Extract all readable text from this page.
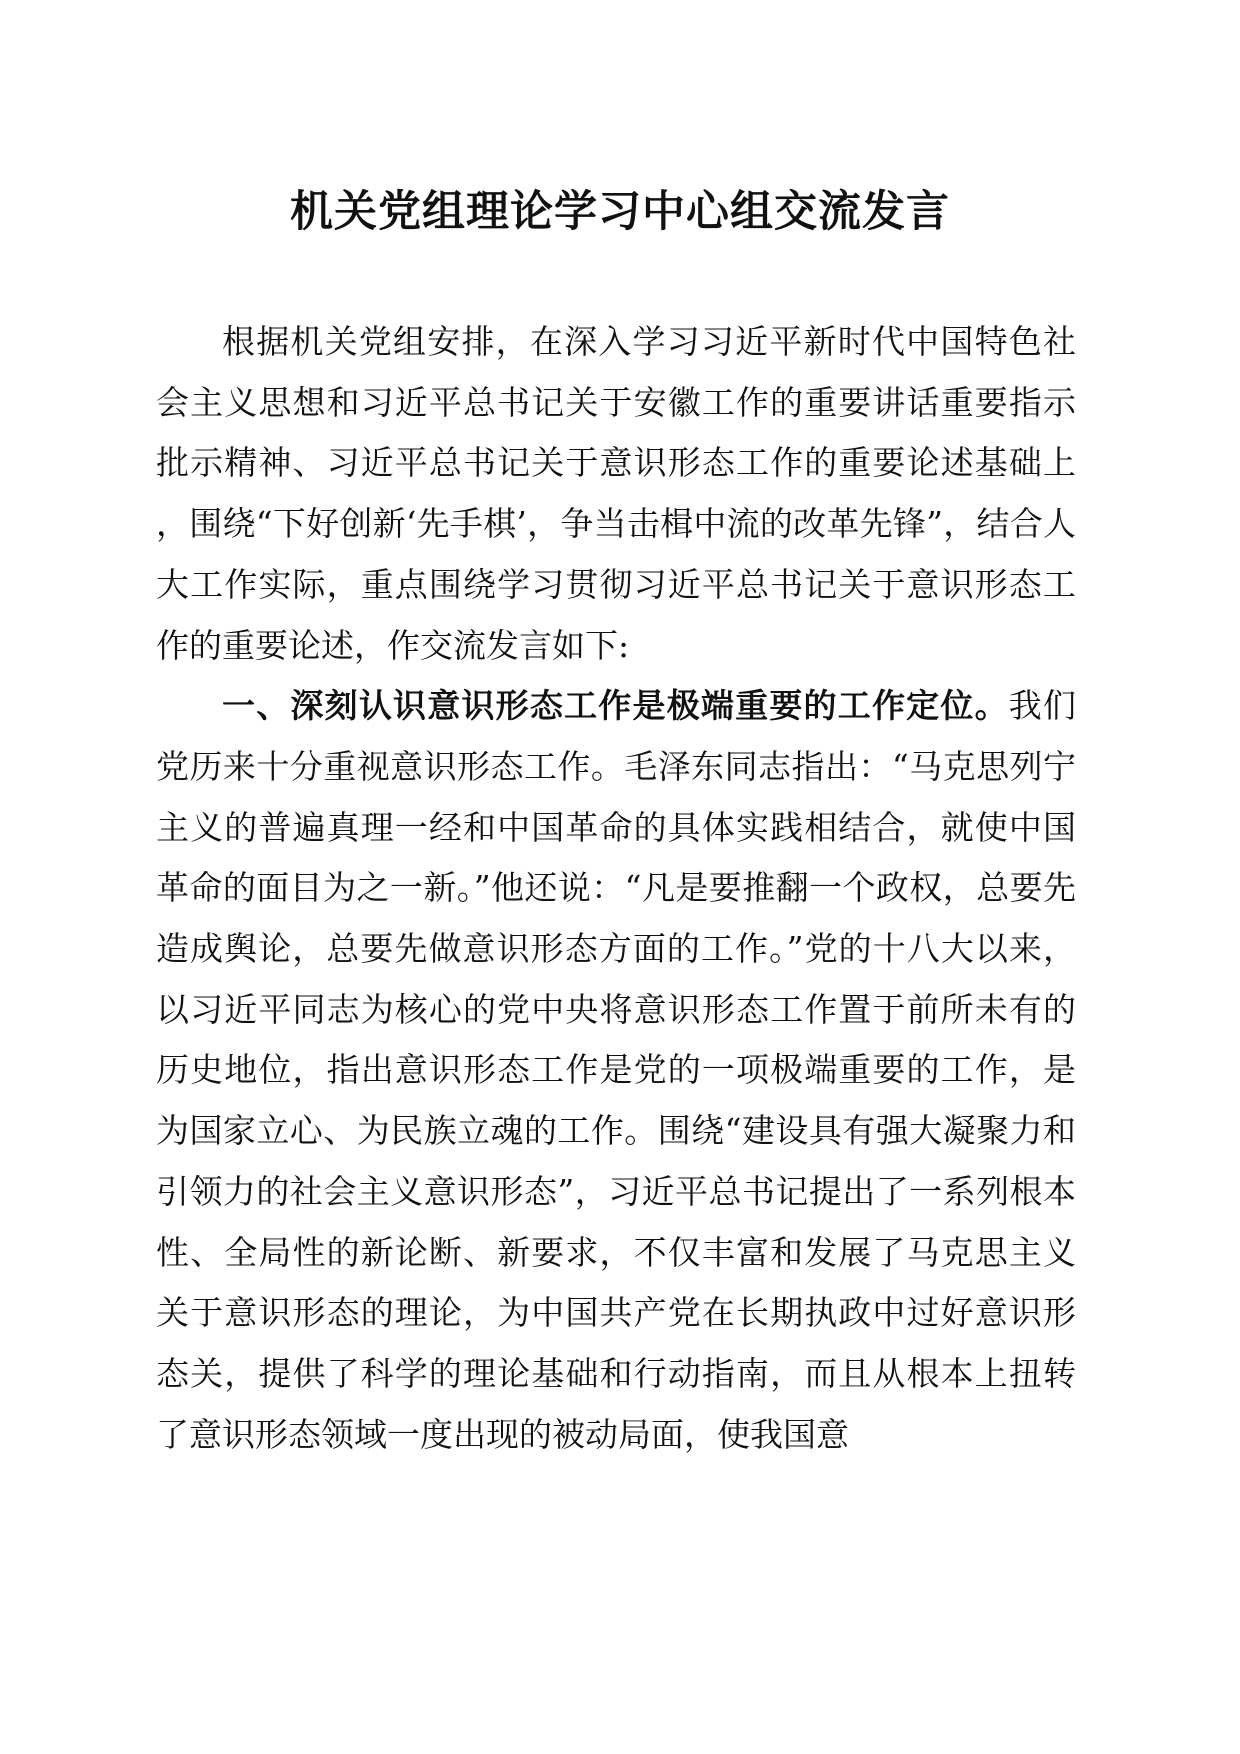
机关党组理论学习中心组交流发言

根据机关党组安排，在深入学习习近平新时代中国特色社会主义思想和习近平总书记关于安徽工作的重要讲话重要指示批示精神、习近平总书记关于意识形态工作的重要论述基础上，围绕“下好创新‘先手棋’，争当击楫中流的改革先锋”，结合人大工作实际，重点围绕学习贯彻习近平总书记关于意识形态工作的重要论述，作交流发言如下:

一、深刻认识意识形态工作是极端重要的工作定位。我们党历来十分重视意识形态工作。毛泽东同志指出：“马克思列宁主义的普遍真理一经和中国革命的具体实践相结合，就使中国革命的面目为之一新。”他还说：“凡是要推翻一个政权，总要先造成舆论，总要先做意识形态方面的工作。”党的十八大以来，以习近平同志为核心的党中央将意识形态工作置于前所未有的历史地位，指出意识形态工作是党的一项极端重要的工作，是为国家立心、为民族立魂的工作。围绕“建设具有强大凝聚力和引领力的社会主义意识形态”，习近平总书记提出了一系列根本性、全局性的新论断、新要求，不仅丰富和发展了马克思主义关于意识形态的理论，为中国共产党在长期执政中过好意识形态关，提供了科学的理论基础和行动指南，而且从根本上扭转了意识形态领域一度出现的被动局面，使我国意
